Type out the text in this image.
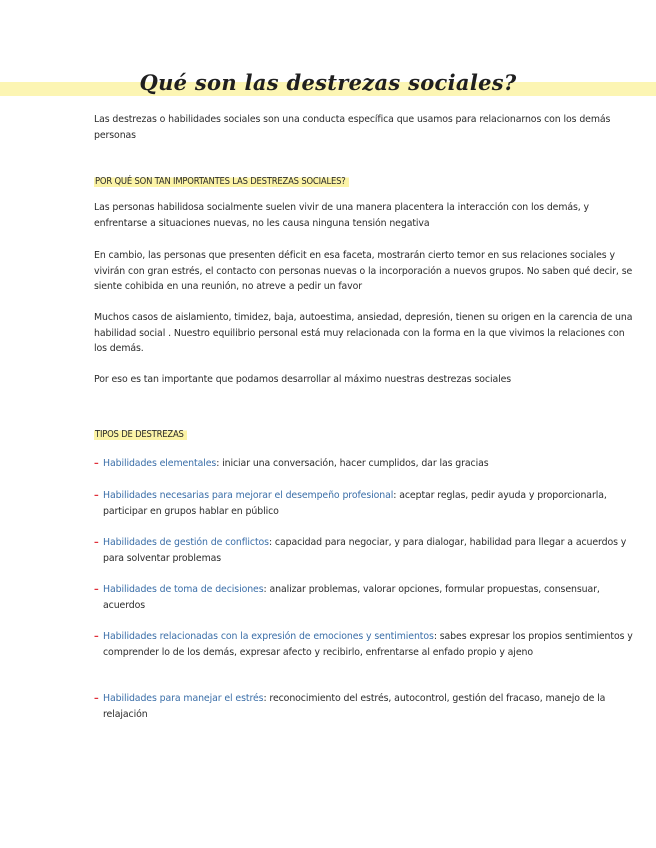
Qué son las destrezas sociales?
Las destrezas o habilidades sociales son una conducta específica que usamos para relacionarnos con los demás personas
POR QUÉ SON TAN IMPORTANTES LAS DESTREZAS SOCIALES?
Las personas habilidosa socialmente suelen vivir de una manera placentera la interacción con los demás, y enfrentarse a situaciones nuevas, no les causa ninguna tensión negativa
En cambio, las personas que presenten déficit en esa faceta, mostrarán cierto temor en sus relaciones sociales y vivirán con gran estrés, el contacto con personas nuevas o la incorporación a nuevos grupos. No saben qué decir, se siente cohibida en una reunión, no atreve a pedir un favor
Muchos casos de aislamiento, timidez, baja, autoestima, ansiedad, depresión, tienen su origen en la carencia de una habilidad social . Nuestro equilibrio personal está muy relacionada con la forma en la que vivimos la relaciones con los demás.
Por eso es tan importante que podamos desarrollar al máximo nuestras destrezas sociales
TIPOS DE DESTREZAS
– Habilidades elementales: iniciar una conversación, hacer cumplidos, dar las gracias
– Habilidades necesarias para mejorar el desempeño profesional: aceptar reglas, pedir ayuda y proporcionarla, participar en grupos hablar en público
– Habilidades de gestión de conflictos: capacidad para negociar, y para dialogar, habilidad para llegar a acuerdos y para solventar problemas
– Habilidades de toma de decisiones: analizar problemas, valorar opciones, formular propuestas, consensuar, acuerdos
– Habilidades relacionadas con la expresión de emociones y sentimientos: sabes expresar los propios sentimientos y comprender lo de los demás, expresar afecto y recibirlo, enfrentarse al enfado propio y ajeno
– Habilidades para manejar el estrés: reconocimiento del estrés, autocontrol, gestión del fracaso, manejo de la relajación
